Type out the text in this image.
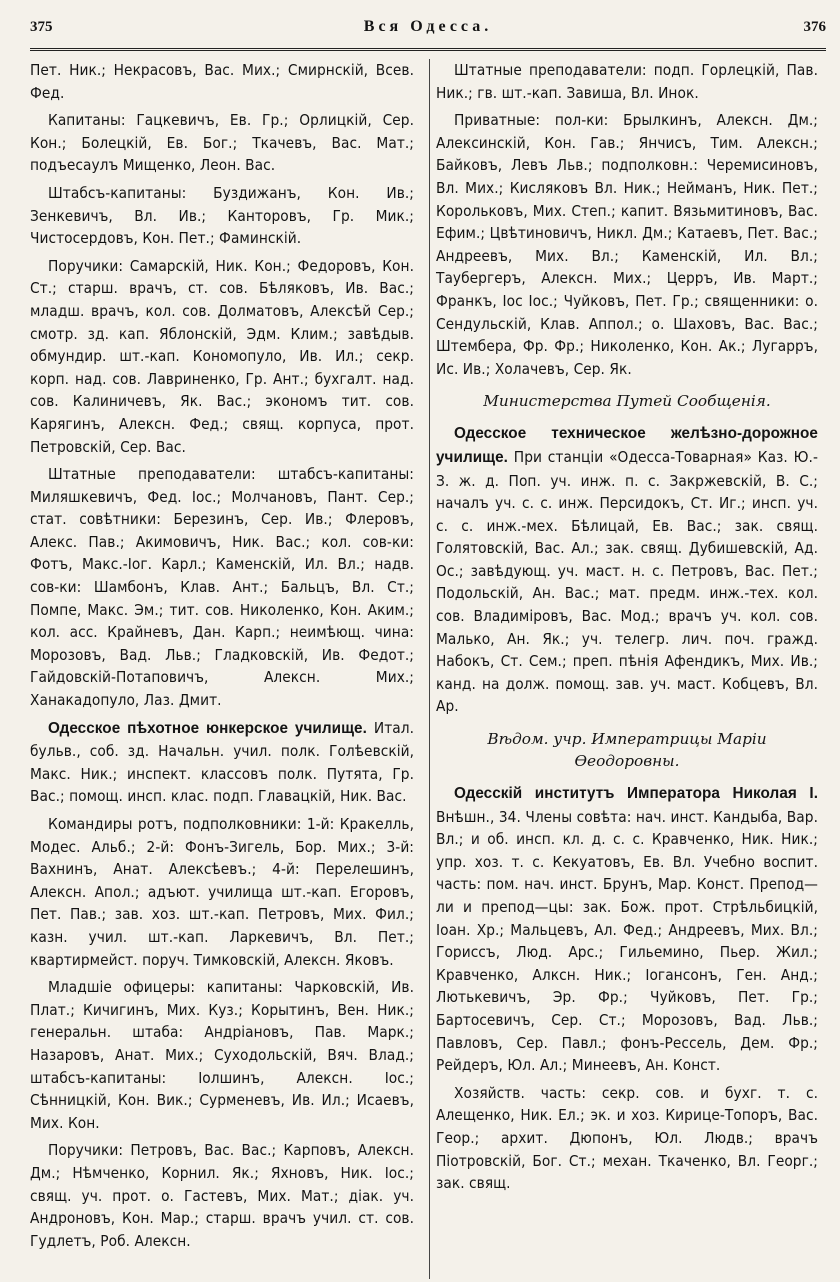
375	Вся Одесса.	376

Пет. Ник.; Некрасовъ, Вас. Мих.; Смирнскій, Всев. Фед.

Капитаны: Гацкевичъ, Ев. Гр.; Орлицкій, Сер. Кон.; Болецкій, Ев. Бог.; Ткачевъ, Вас. Мат.; подъесаулъ Мищенко, Леон. Вас.

Штабсъ-капитаны: Буздижанъ, Кон. Ив.; Зенкевичъ, Вл. Ив.; Канторовъ, Гр. Мик.; Чистосердовъ, Кон. Пет.; Фаминскій.

Поручики: Самарскій, Ник. Кон.; Федоровъ, Кон. Ст.; старш. врачъ, ст. сов. Бѣляковъ, Ив. Вас.; младш. врачъ, кол. сов. Долматовъ, Алексѣй Сер.; смотр. зд. кап. Яблонскій, Эдм. Клим.; завѣдыв. обмундир. шт.-кап. Кономопуло, Ив. Ил.; секр. корп. над. сов. Лавриненко, Гр. Ант.; бухгалт. над. сов. Калиничевъ, Як. Вас.; экономъ тит. сов. Карягинъ, Алексн. Фед.; свящ. корпуса, прот. Петровскій, Сер. Вас.

Штатные преподаватели: штабсъ-капитаны: Миляшкевичъ, Фед. Іос.; Молчановъ, Пант. Сер.; стат. совѣтники: Березинъ, Сер. Ив.; Флеровъ, Алекс. Пав.; Акимовичъ, Ник. Вас.; кол. сов-ки: Фотъ, Макс.-Іог. Карл.; Каменскій, Ил. Вл.; надв. сов-ки: Шамбонъ, Клав. Ант.; Бальцъ, Вл. Ст.; Помпе, Макс. Эм.; тит. сов. Николенко, Кон. Аким.; кол. асс. Крайневъ, Дан. Карп.; неимѣющ. чина: Морозовъ, Вад. Льв.; Гладковскій, Ив. Федот.; Гайдовскій-Потаповичъ, Алексн. Мих.; Ханакадопуло, Лаз. Дмит.

Одесское пѣхотное юнкерское училище. Итал. бульв., соб. зд. Начальн. учил. полк. Голѣевскій, Макс. Ник.; инспект. классовъ полк. Путята, Гр. Вас.; помощ. инсп. клас. подп. Главацкій, Ник. Вас.

Командиры ротъ, подполковники: 1-й: Кракелль, Модес. Альб.; 2-й: Фонъ-Зигель, Бор. Мих.; 3-й: Вахнинъ, Анат. Алексѣевъ.; 4-й: Перелешинъ, Алексн. Апол.; адъют. училища шт.-кап. Егоровъ, Пет. Пав.; зав. хоз. шт.-кап. Петровъ, Мих. Фил.; казн. учил. шт.-кап. Ларкевичъ, Вл. Пет.; квартирмейст. поруч. Тимковскій, Алексн. Яковъ.

Младшіе офицеры: капитаны: Чарковскій, Ив. Плат.; Кичигинъ, Мих. Куз.; Корытинъ, Вен. Ник.; генеральн. штаба: Андріановъ, Пав. Марк.; Назаровъ, Анат. Мих.; Суходольскій, Вяч. Влад.; штабсъ-капитаны: Іолшинъ, Алексн. Іос.; Сѣнницкій, Кон. Вик.; Сурменевъ, Ив. Ил.; Исаевъ, Мих. Кон.

Поручики: Петровъ, Вас. Вас.; Карповъ, Алексн. Дм.; Нѣмченко, Корнил. Як.; Яхновъ, Ник. Іос.; свящ. уч. прот. о. Гастевъ, Мих. Мат.; діак. уч. Андроновъ, Кон. Мар.; старш. врачъ учил. ст. сов. Гудлетъ, Роб. Алексн.

Штатные преподаватели: подп. Горлецкій, Пав. Ник.; гв. шт.-кап. Завиша, Вл. Инок.

Приватные: пол-ки: Брылкинъ, Алексн. Дм.; Алексинскій, Кон. Гав.; Янчисъ, Тим. Алексн.; Байковъ, Левъ Льв.; подполковн.: Черемисиновъ, Вл. Мих.; Кисляковъ Вл. Ник.; Нейманъ, Ник. Пет.; Корольковъ, Мих. Степ.; капит. Вязьмитиновъ, Вас. Ефим.; Цвѣтиновичъ, Никл. Дм.; Катаевъ, Пет. Вас.; Андреевъ, Мих. Вл.; Каменскій, Ил. Вл.; Таубергеръ, Алексн. Мих.; Церръ, Ив. Март.; Франкъ, Іос Іос.; Чуйковъ, Пет. Гр.; священники: о. Сендульскій, Клав. Аппол.; о. Шаховъ, Вас. Вас.; Штембера, Фр. Фр.; Николенко, Кон. Ак.; Лугарръ, Ис. Ив.; Холачевъ, Сер. Як.

Министерства Путей Сообщенія.

Одесское техническое желѣзно-дорожное училище. При станціи «Одесса-Товарная» Каз. Ю.-З. ж. д. Поп. уч. инж. п. с. Закржевскій, В. С.; началъ уч. с. с. инж. Персидокъ, Ст. Иг.; инсп. уч. с. с. инж.-мех. Бѣлицай, Ев. Вас.; зак. свящ. Голятовскій, Вас. Ал.; зак. свящ. Дубишевскій, Ад. Ос.; завѣдующ. уч. маст. н. с. Петровъ, Вас. Пет.; Подольскій, Ан. Вас.; мат. предм. инж.-тех. кол. сов. Владиміровъ, Вас. Мод.; врачъ уч. кол. сов. Малько, Ан. Як.; уч. телегр. лич. поч. гражд. Набокъ, Ст. Сем.; преп. пѣнія Афендикъ, Мих. Ив.; канд. на долж. помощ. зав. уч. маст. Кобцевъ, Вл. Ар.

Вѣдом. учр. Императрицы Маріи Ѳеодоровны.

Одесскій институтъ Императора Николая І. Внѣшн., 34. Члены совѣта: нач. инст. Кандыба, Вар. Вл.; и об. инсп. кл. д. с. с. Кравченко, Ник. Ник.; упр. хоз. т. с. Кекуатовъ, Ев. Вл. Учебно воспит. часть: пом. нач. инст. Брунъ, Мар. Конст. Препод—ли и препод—цы: зак. Бож. прот. Стрѣльбицкій, Іоан. Хр.; Мальцевъ, Ал. Фед.; Андреевъ, Мих. Вл.; Гориссъ, Люд. Арс.; Гильемино, Пьер. Жил.; Кравченко, Алксн. Ник.; Іогансонъ, Ген. Анд.; Лютькевичъ, Эр. Фр.; Чуйковъ, Пет. Гр.; Бартосевичъ, Сер. Ст.; Морозовъ, Вад. Льв.; Павловъ, Сер. Павл.; фонъ-Рессель, Дем. Фр.; Рейдеръ, Юл. Ал.; Минеевъ, Ан. Конст.

Хозяйств. часть: секр. сов. и бухг. т. с. Алещенко, Ник. Ел.; эк. и хоз. Кирице-Топоръ, Вас. Геор.; архит. Дюпонъ, Юл. Людв.; врачъ Піотровскій, Бог. Ст.; механ. Ткаченко, Вл. Георг.; зак. свящ.
